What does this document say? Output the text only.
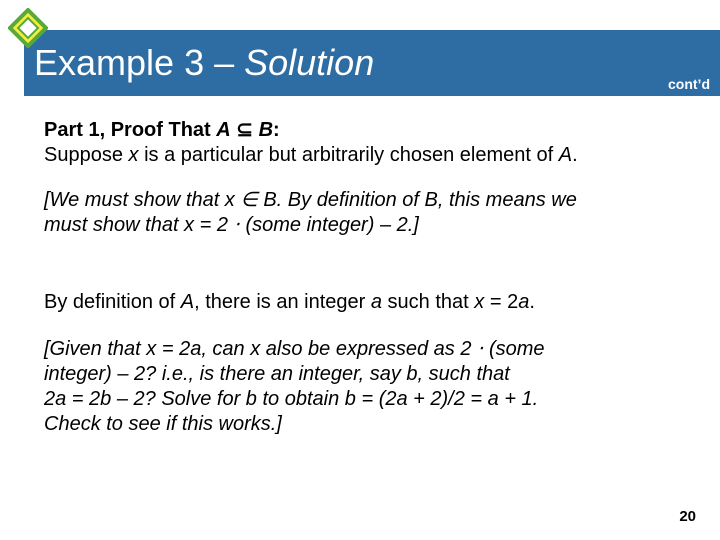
Example 3 – Solution
cont’d

Part 1, Proof That A ⊆ B:

Suppose x is a particular but arbitrarily chosen element of A.

[We must show that x ∈ B. By definition of B, this means we
must show that x = 2 ⋅ (some integer) – 2.]

By definition of A, there is an integer a such that x = 2a.

[Given that x = 2a, can x also be expressed as 2 ⋅ (some
integer) – 2? i.e., is there an integer, say b, such that
2a = 2b – 2? Solve for b to obtain b = (2a + 2)/2 = a + 1.
Check to see if this works.]

20
